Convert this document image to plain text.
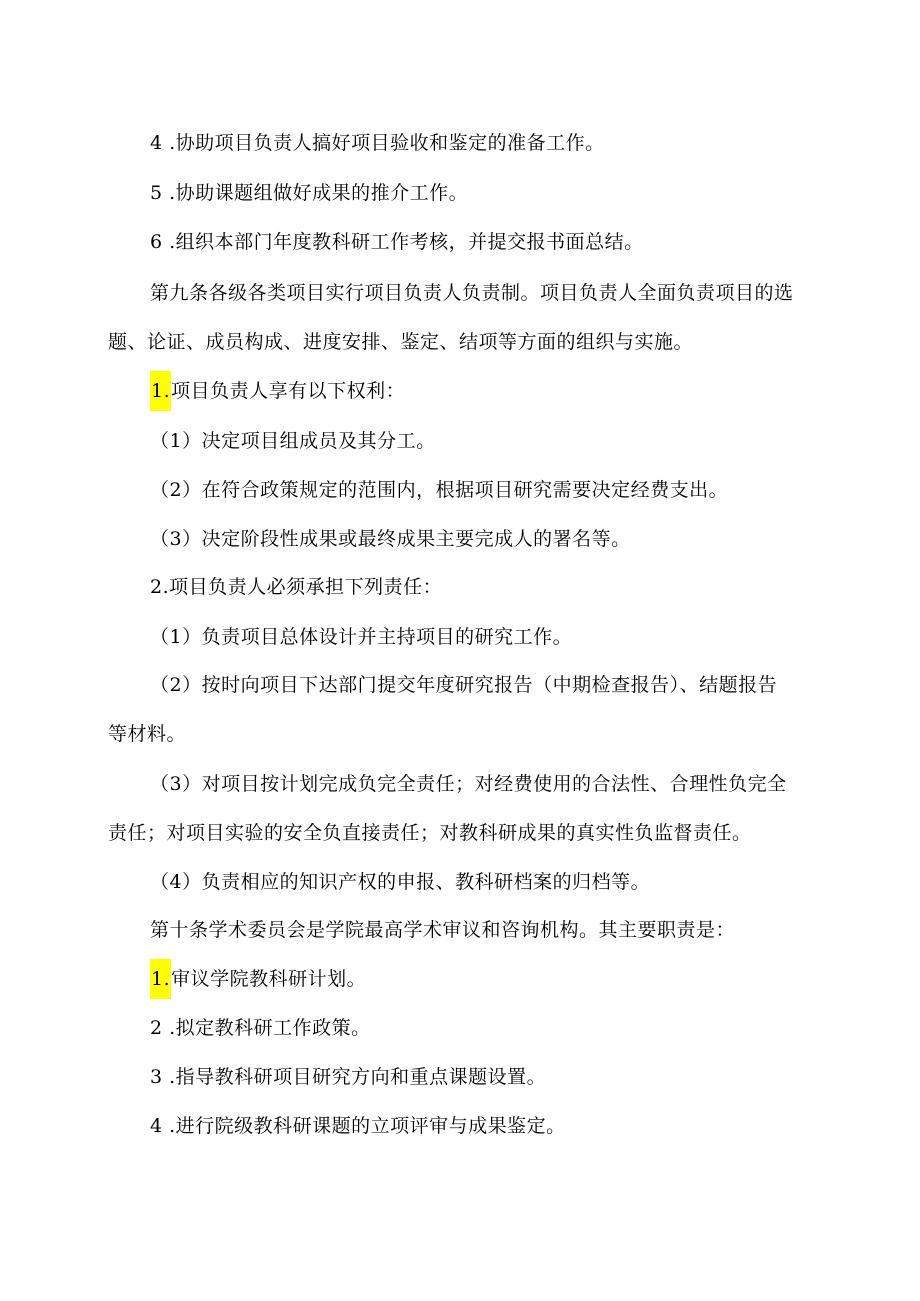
4 .协助项目负责人搞好项目验收和鉴定的准备工作。
5 .协助课题组做好成果的推介工作。
6 .组织本部门年度教科研工作考核，并提交报书面总结。
第九条各级各类项目实行项目负责人负责制。项目负责人全面负责项目的选
题、论证、成员构成、进度安排、鉴定、结项等方面的组织与实施。
1.项目负责人享有以下权利：
（1）决定项目组成员及其分工。
（2）在符合政策规定的范围内，根据项目研究需要决定经费支出。
（3）决定阶段性成果或最终成果主要完成人的署名等。
2.项目负责人必须承担下列责任：
（1）负责项目总体设计并主持项目的研究工作。
（2）按时向项目下达部门提交年度研究报告（中期检查报告）、结题报告
等材料。
（3）对项目按计划完成负完全责任；对经费使用的合法性、合理性负完全
责任；对项目实验的安全负直接责任；对教科研成果的真实性负监督责任。
（4）负责相应的知识产权的申报、教科研档案的归档等。
第十条学术委员会是学院最高学术审议和咨询机构。其主要职责是：
1.审议学院教科研计划。
2 .拟定教科研工作政策。
3 .指导教科研项目研究方向和重点课题设置。
4 .进行院级教科研课题的立项评审与成果鉴定。
